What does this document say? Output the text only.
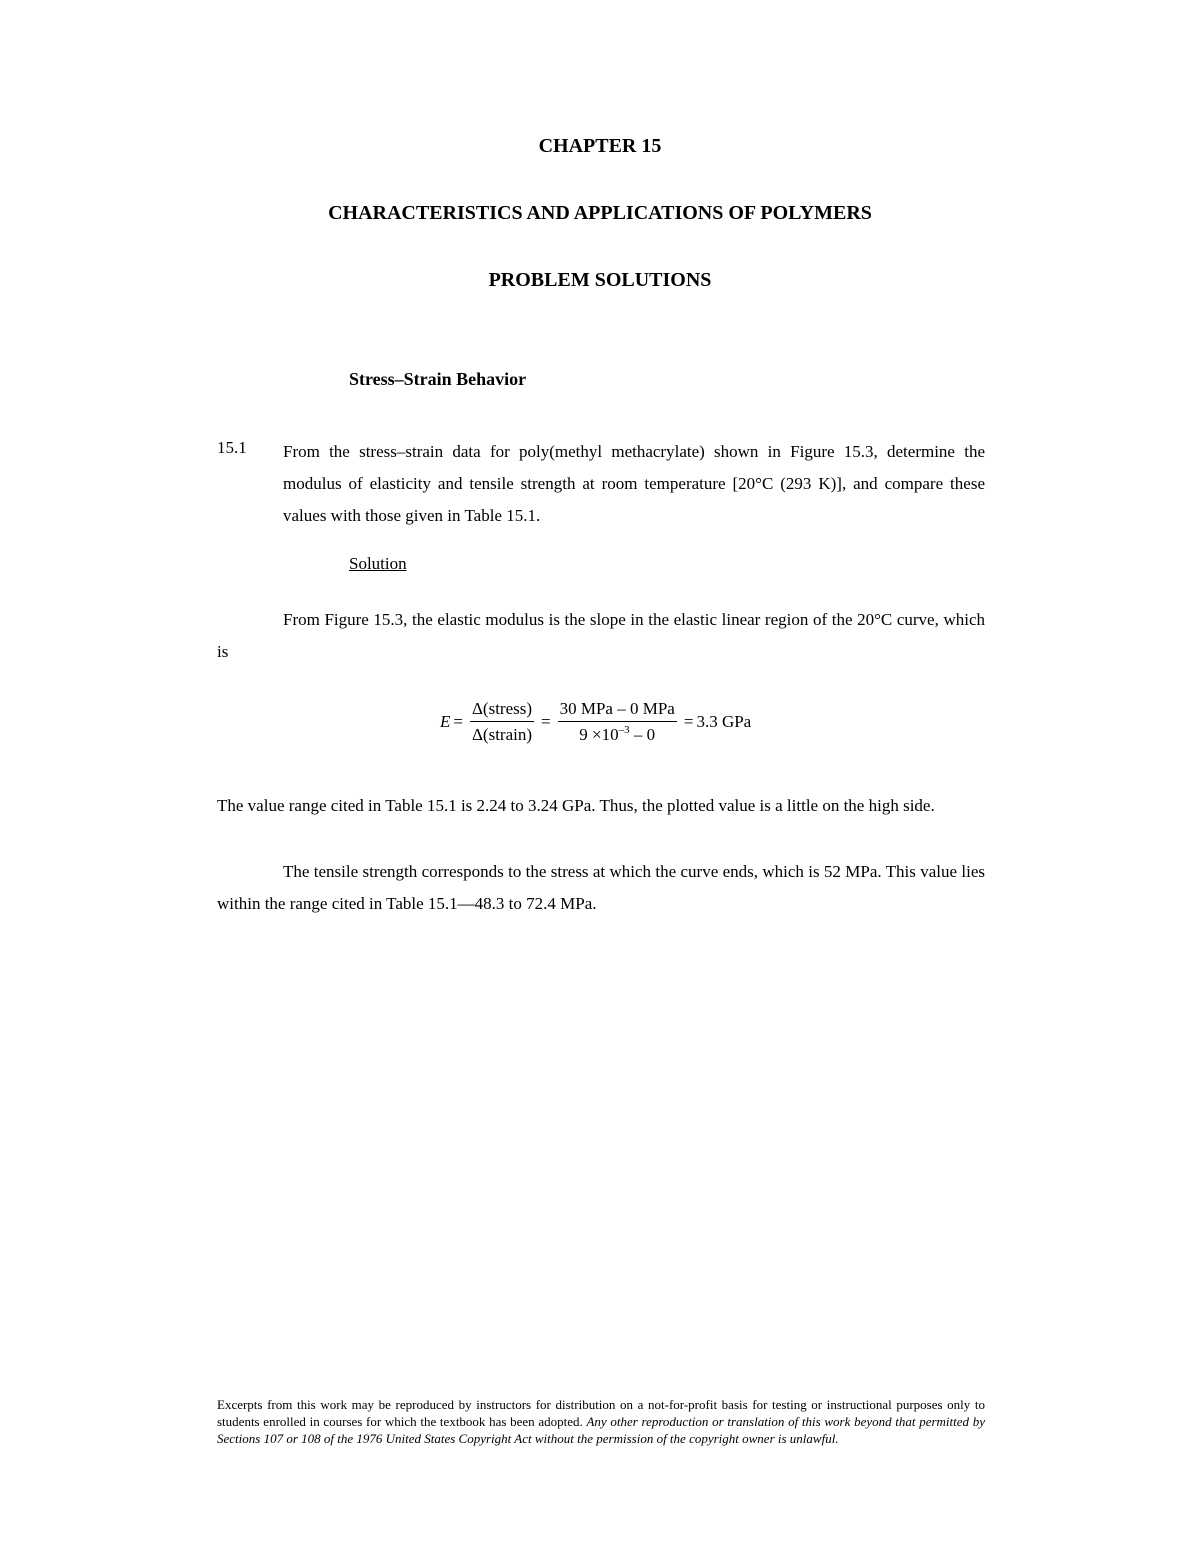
CHAPTER 15
CHARACTERISTICS AND APPLICATIONS OF POLYMERS
PROBLEM SOLUTIONS
Stress–Strain Behavior
15.1 From the stress–strain data for poly(methyl methacrylate) shown in Figure 15.3, determine the modulus of elasticity and tensile strength at room temperature [20°C (293 K)], and compare these values with those given in Table 15.1.
Solution
From Figure 15.3, the elastic modulus is the slope in the elastic linear region of the 20°C curve, which is
$E = \frac{\text{Δ(stress)}}{\text{Δ(strain)}} = \frac{\text{30 MPa – 0 MPa}}{9 \times 10^{-3} - 0} = 3.3$ GPa
The value range cited in Table 15.1 is 2.24 to 3.24 GPa. Thus, the plotted value is a little on the high side.
The tensile strength corresponds to the stress at which the curve ends, which is 52 MPa. This value lies within the range cited in Table 15.1—48.3 to 72.4 MPa.
Excerpts from this work may be reproduced by instructors for distribution on a not-for-profit basis for testing or instructional purposes only to students enrolled in courses for which the textbook has been adopted. Any other reproduction or translation of this work beyond that permitted by Sections 107 or 108 of the 1976 United States Copyright Act without the permission of the copyright owner is unlawful.
